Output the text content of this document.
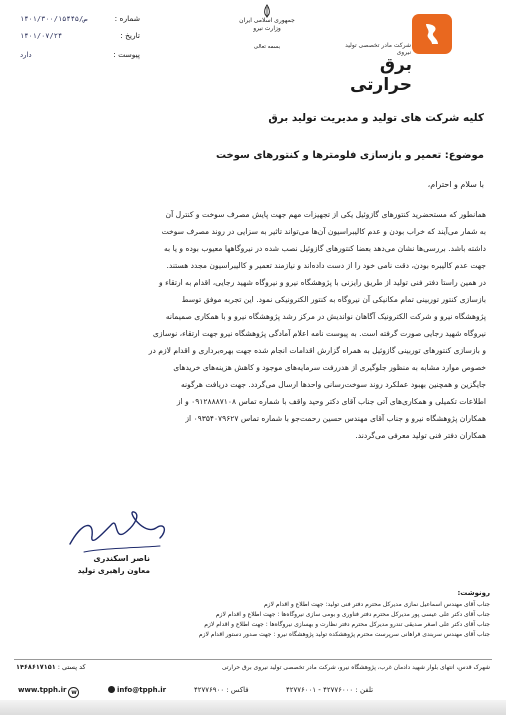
شرکت مادر تخصصی تولید نیروی
برق حرارتی
جمهوری اسلامی ایران
وزارت نیرو
بسمه تعالی
شماره :
۱۴۰۱/۳۰۰/ص/۱۵۴۴۵
تاریخ :
۱۴۰۱/۰۷/۲۴
پیوست :
دارد
کلیه شرکت های تولید و مدیریت تولید برق
موضوع: تعمیر و بازسازی فلومترها و کنتورهای سوخت
با سلام و احترام،
همانطور که مستحضرید کنتورهای گازوئیل یکی از تجهیزات مهم جهت پایش مصرف سوخت و کنترل آن
به شمار می‌آیند که خراب بودن و عدم کالیبراسیون آن‌ها می‌تواند تاثیر به سزایی در روند مصرف سوخت
داشته باشد. بررسی‌ها نشان می‌دهد بعضا کنتورهای گازوئیل نصب شده در نیروگاهها معیوب بوده و یا به
جهت عدم کالیبره بودن، دقت نامی خود را از دست داده‌اند و نیازمند تعمیر و کالیبراسیون مجدد هستند.
در همین راستا دفتر فنی تولید از طریق رایزنی با پژوهشگاه نیرو و نیروگاه شهید رجایی، اقدام به ارتقاء و
بازسازی کنتور توربینی تمام مکانیکی آن نیروگاه به کنتور الکترونیکی نمود. این تجربه موفق توسط
پژوهشگاه نیرو و شرکت الکترونیک آگاهان نواندیش در مرکز رشد پژوهشگاه نیرو و با همکاری صمیمانه
نیروگاه شهید رجایی صورت گرفته است. به پیوست نامه اعلام آمادگی پژوهشگاه نیرو جهت ارتقاء، نوسازی
و بازسازی کنتورهای توربینی گازوئیل به همراه گزارش اقدامات انجام شده جهت بهره‌برداری و اقدام لازم در
خصوص موارد مشابه به منظور جلوگیری از هدررفت سرمایه‌های موجود و کاهش هزینه‌های خریدهای
جایگزین و همچنین بهبود عملکرد روند سوخت‌رسانی واحدها ارسال می‌گردد. جهت دریافت هرگونه
اطلاعات تکمیلی و همکاری‌های آتی جناب آقای دکتر وحید واقف با شماره تماس ۰۹۱۲۸۸۸۷۱۰۸ و از
همکاران پژوهشگاه نیرو و جناب آقای مهندس حسین رحمت‌جو با شماره تماس ۰۹۳۵۴۰۷۹۶۲۷ از
همکاران دفتر فنی تولید معرفی می‌گردند.
ناصر اسکندری
معاون راهبری تولید
رونوشت:
جناب آقای مهندس اسماعیل نمازی مدیرکل محترم دفتر فنی تولید: جهت اطلاع و اقدام لازم
جناب آقای دکتر علی عیسی پور مدیرکل محترم دفتر فناوری و بومی سازی نیروگاه‌ها : جهت اطلاع و اقدام لازم
جناب آقای دکتر علی اصغر صدیقی تندرو مدیرکل محترم دفتر نظارت و بهسازی نیروگاه‌ها : جهت اطلاع و اقدام لازم
جناب آقای مهندس سربندی فراهانی سرپرست محترم پژوهشکده تولید پژوهشگاه نیرو : جهت صدور دستور اقدام لازم
شهرک قدس، انتهای بلوار شهید دادمان غرب، پژوهشگاه نیرو، شرکت مادر تخصصی تولید نیروی برق حرارتی
کد پستی : ۱۴۶۸۶۱۷۱۵۱
www.tpph.ir w	info@tpph.ir	فاکس : ۴۲۷۷۶۹۰۰	تلفن : ۴۲۷۷۶۰۰۰ - ۴۲۷۷۶۰۰۱
